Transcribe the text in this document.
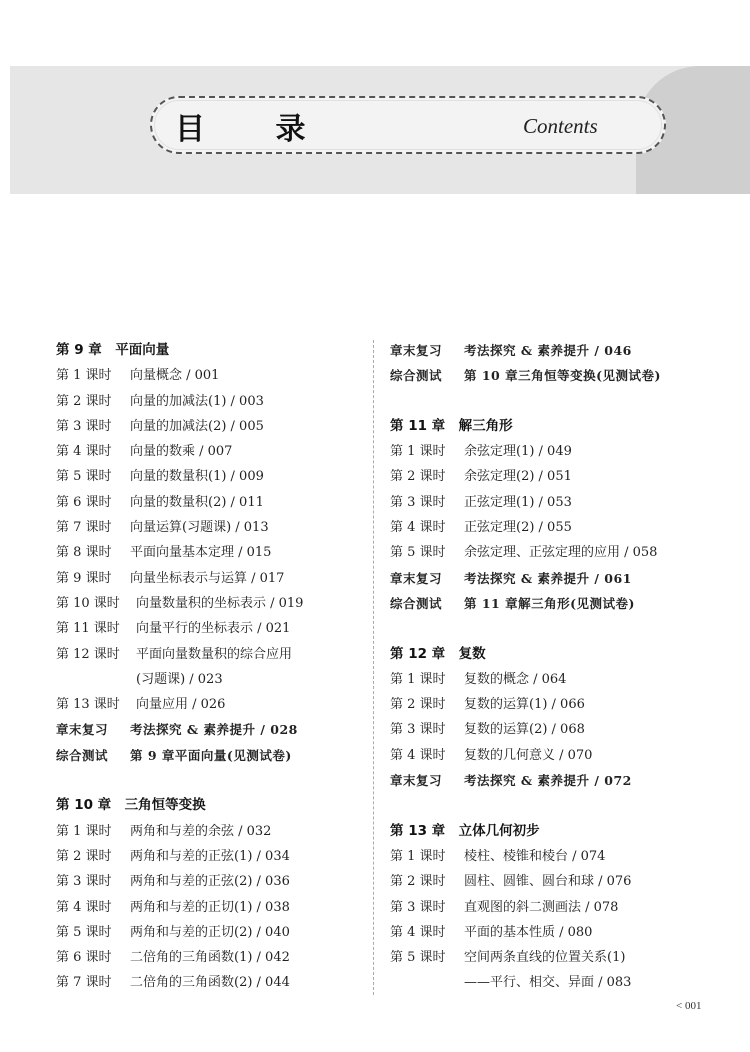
目 录	Contents
第 9 章　平面向量
第 1 课时 向量概念 / 001
第 2 课时 向量的加减法(1) / 003
第 3 课时 向量的加减法(2) / 005
第 4 课时 向量的数乘 / 007
第 5 课时 向量的数量积(1) / 009
第 6 课时 向量的数量积(2) / 011
第 7 课时 向量运算(习题课) / 013
第 8 课时 平面向量基本定理 / 015
第 9 课时 向量坐标表示与运算 / 017
第 10 课时 向量数量积的坐标表示 / 019
第 11 课时 向量平行的坐标表示 / 021
第 12 课时 平面向量数量积的综合应用
(习题课) / 023
第 13 课时 向量应用 / 026
章末复习 考法探究 & 素养提升 / 028
综合测试 第 9 章平面向量(见测试卷)
第 10 章　三角恒等变换
第 1 课时 两角和与差的余弦 / 032
第 2 课时 两角和与差的正弦(1) / 034
第 3 课时 两角和与差的正弦(2) / 036
第 4 课时 两角和与差的正切(1) / 038
第 5 课时 两角和与差的正切(2) / 040
第 6 课时 二倍角的三角函数(1) / 042
第 7 课时 二倍角的三角函数(2) / 044
章末复习 考法探究 & 素养提升 / 046
综合测试 第 10 章三角恒等变换(见测试卷)
第 11 章　解三角形
第 1 课时 余弦定理(1) / 049
第 2 课时 余弦定理(2) / 051
第 3 课时 正弦定理(1) / 053
第 4 课时 正弦定理(2) / 055
第 5 课时 余弦定理、正弦定理的应用 / 058
章末复习 考法探究 & 素养提升 / 061
综合测试 第 11 章解三角形(见测试卷)
第 12 章　复数
第 1 课时 复数的概念 / 064
第 2 课时 复数的运算(1) / 066
第 3 课时 复数的运算(2) / 068
第 4 课时 复数的几何意义 / 070
章末复习 考法探究 & 素养提升 / 072
第 13 章　立体几何初步
第 1 课时 棱柱、棱锥和棱台 / 074
第 2 课时 圆柱、圆锥、圆台和球 / 076
第 3 课时 直观图的斜二测画法 / 078
第 4 课时 平面的基本性质 / 080
第 5 课时 空间两条直线的位置关系(1)
——平行、相交、异面 / 083
< 001
